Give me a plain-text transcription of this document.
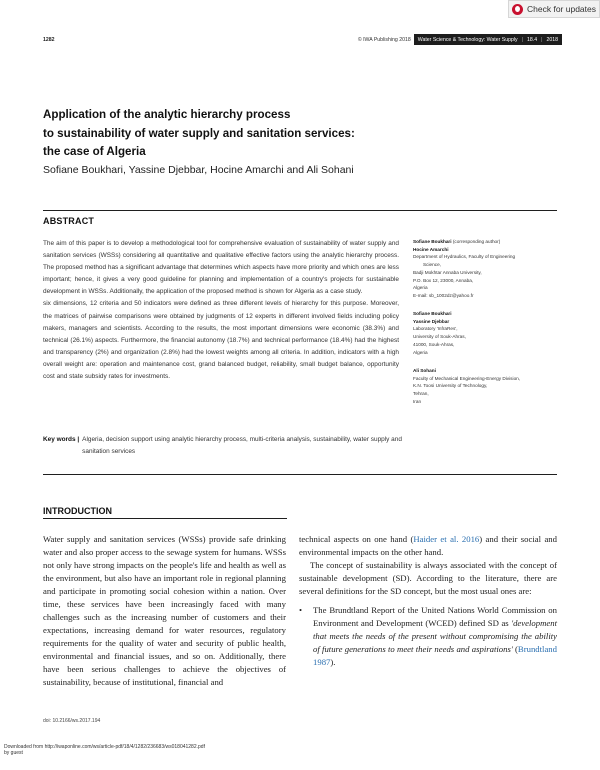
Check for updates
1282	© IWA Publishing 2018 Water Science & Technology: Water Supply | 18.4 | 2018
Application of the analytic hierarchy process
to sustainability of water supply and sanitation services:
the case of Algeria
Sofiane Boukhari, Yassine Djebbar, Hocine Amarchi and Ali Sohani
ABSTRACT

The aim of this paper is to develop a methodological tool for comprehensive evaluation of sustainability of water supply and sanitation services (WSSs) considering all quantitative and qualitative effective factors using the analytic hierarchy process. The proposed method has a significant advantage that determines which aspects have more priority and which ones are less important; hence, it gives a very good guideline for planning and implementation of a country's projects for sustainable development in WSSs. Additionally, the application of the proposed method is shown for Algeria as a case study.

six dimensions, 12 criteria and 50 indicators were defined as three different levels of hierarchy for this purpose. Moreover, the matrices of pairwise comparisons were obtained by judgments of 12 experts in different involved fields including policy makers, managers and scientists. According to the results, the most important dimensions were economic (38.3%) and technical (26.1%) aspects. Furthermore, the financial autonomy (18.7%) and technical performance (18.4%) had the highest and transparency (2%) and organization (2.8%) had the lowest weights among all criteria. In addition, indicators with a high overall weight are: operation and maintenance cost, grand balanced budget, reliability, small budget balance, opportunity cost and state subsidy rates for investments.

Key words | Algeria, decision support using analytic hierarchy process, multi-criteria analysis, sustainability, water supply and sanitation services
Sofiane Boukhari (corresponding author)
Hocine Amarchi
Department of Hydraulics, Faculty of Engineering
Science,
Badji Mokhtar Annaba University,
P.O. Box 12, 23000, Annaba,
Algeria
E-mail: sb_1002dz@yahoo.fr
Sofiane Boukhari
Yassine Djebbar
Laboratory 'InfraRes',
University of Souk-Ahras,
41000, Souk-Ahras,
Algeria
Ali Sohani
Faculty of Mechanical Engineering-Energy Division,
K.N. Toosi University of Technology,
Tehran,
Iran
INTRODUCTION

Water supply and sanitation services (WSSs) provide safe drinking water and also proper access to the sewage system for humans. WSSs not only have strong impacts on the people's life and health as well as the environment, but also have an important role in regional planning and participate in promoting social cohesion within a nation. Over time, these services have been increasingly faced with many challenges such as the increasing number of customers and their expectations, increasing demand for water resources, regulatory requirements for the quality of water and security of public health, environmental and financial issues, and so on. Additionally, there have been serious challenges to achieve the objectives of sustainability, because of institutional, financial and

technical aspects on one hand (Haider et al. 2016) and their social and environmental impacts on the other hand.

The concept of sustainability is always associated with the concept of sustainable development (SD). According to the literature, there are several definitions for the SD concept, but the most usual ones are:

•	The Brundtland Report of the United Nations World Commission on Environment and Development (WCED) defined SD as 'development that meets the needs of the present without compromising the ability of future generations to meet their needs and aspirations' (Brundtland 1987).
doi: 10.2166/ws.2017.194
Downloaded from http://iwaponline.com/ws/article-pdf/18/4/1282/236683/ws018041282.pdf
by guest
